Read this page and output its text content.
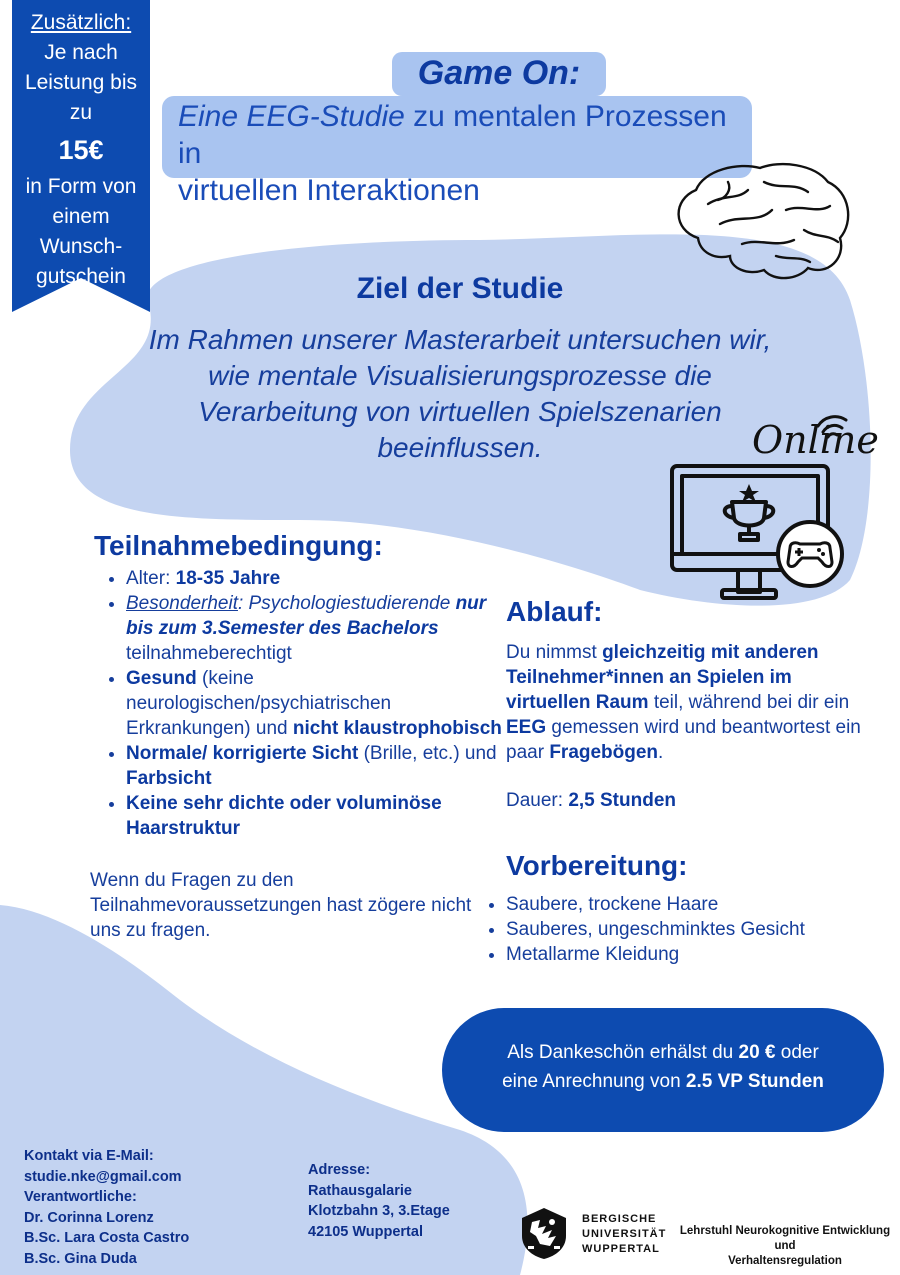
Zusätzlich:
Je nach
Leistung bis
zu
15€
in Form von
einem
Wunsch-
gutschein
Game On:
Eine EEG-Studie zu mentalen Prozessen in
virtuellen Interaktionen
Ziel der Studie
Im Rahmen unserer Masterarbeit untersuchen wir,
wie mentale Visualisierungsprozesse die
Verarbeitung von virtuellen Spielszenarien
beeinflussen.	Online
Teilnahmebedingung:
• Alter: 18-35 Jahre
• Besonderheit: Psychologiestudierende nur bis zum 3.Semester des Bachelors teilnahmeberechtigt
• Gesund (keine neurologischen/psychiatrischen Erkrankungen) und nicht klaustrophobisch
• Normale/ korrigierte Sicht (Brille, etc.) und Farbsicht
• Keine sehr dichte oder voluminöse Haarstruktur
Wenn du Fragen zu den Teilnahmevoraussetzungen hast zögere nicht uns zu fragen.
Ablauf:
Du nimmst gleichzeitig mit anderen Teilnehmer*innen an Spielen im virtuellen Raum teil, während bei dir ein EEG gemessen wird und beantwortest ein paar Fragebögen.
Dauer: 2,5 Stunden
Vorbereitung:
• Saubere, trockene Haare
• Sauberes, ungeschminktes Gesicht
• Metallarme Kleidung
Als Dankeschön erhälst du 20 € oder
eine Anrechnung von 2.5 VP Stunden
Kontakt via E-Mail:
studie.nke@gmail.com
Verantwortliche:
Dr. Corinna Lorenz
B.Sc. Lara Costa Castro
B.Sc. Gina Duda
Adresse:
Rathausgalarie
Klotzbahn 3, 3.Etage
42105 Wuppertal
BERGISCHE
UNIVERSITÄT
WUPPERTAL
Lehrstuhl Neurokognitive Entwicklung und
Verhaltensregulation
